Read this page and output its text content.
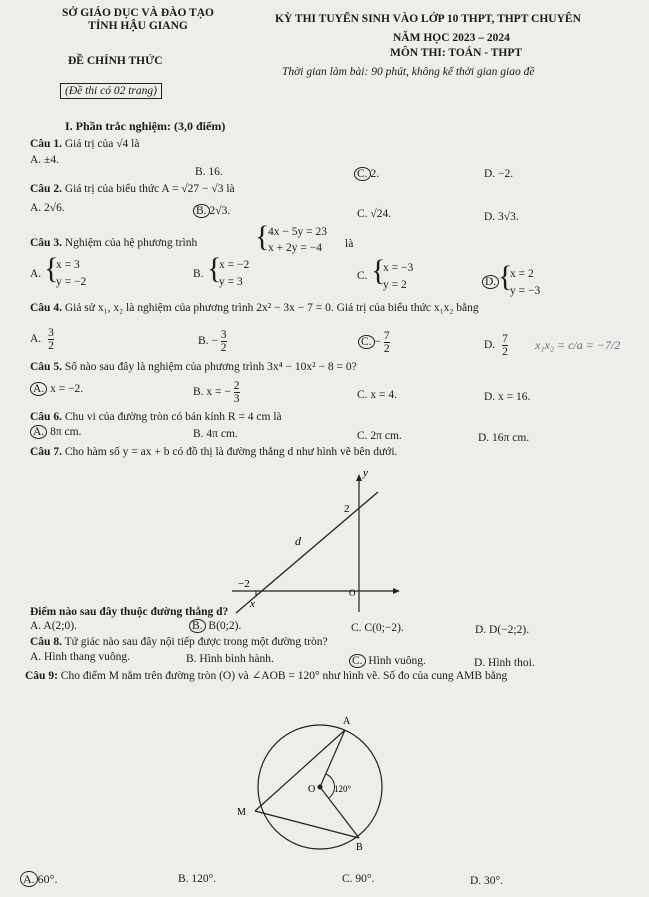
SỞ GIÁO DỤC VÀ ĐÀO TẠO
TỈNH HẬU GIANG
KỲ THI TUYỂN SINH VÀO LỚP 10 THPT, THPT CHUYÊN
NĂM HỌC 2023 – 2024
MÔN THI: TOÁN - THPT
ĐỀ CHÍNH THỨC
Thời gian làm bài: 90 phút, không kể thời gian giao đề
(Đề thi có 02 trang)
I. Phần trắc nghiệm: (3,0 điểm)
Câu 1. Giá trị của √4 là
A. ±4.
B. 16.	C. 2.	D. −2.
Câu 2. Giá trị của biểu thức A = √27 − √3 là
A. 2√6.	B. 2√3.	C. √24.	D. 3√3.
Câu 3. Nghiệm của hệ phương trình {
4x − 5y = 23
x + 2y = −4 là
A. {
x = 3
y = −2
B. {
x = −2
y = 3	C. {
x = −3
y = 2	D. {
x = 2
y = −3
Câu 4. Giả sử x₁, x₂ là nghiệm của phương trình 2x² − 3x − 7 = 0. Giá trị của biểu thức x₁x₂ bằng
A. $\frac{3}{2}$	B. − $\frac{3}{2}$	C. − $\frac{7}{2}$	D. $\frac{7}{2} x_1x_2 = c/a = -7/2$
Câu 5. Số nào sau đây là nghiệm của phương trình 3x⁴ − 10x² − 8 = 0?
A. x = −2.	B. x = − $\frac{2}{3}$	C. x = 4.	D. x = 16.
Câu 6. Chu vi của đường tròn có bán kính R = 4 cm là
A. 8π cm.	B. 4π cm.	C. 2π cm.	D. 16π cm.
Câu 7. Cho hàm số y = ax + b có đồ thị là đường thẳng d như hình vẽ bên dưới.
y
x
d
2
−2
O
Điểm nào sau đây thuộc đường thẳng d?
A. A(2;0).	B. B(0;2).	C. C(0;−2).	D. D(−2;2).
Câu 8. Tứ giác nào sau đây nội tiếp được trong một đường tròn?
A. Hình thang vuông.	B. Hình bình hành.	C. Hình vuông.	D. Hình thoi.
Câu 9: Cho điểm M nằm trên đường tròn (O) và ∠AOB = 120° như hình vẽ. Số đo của cung AMB bằng
A
M
B
O 120°
A. 60°.	B. 120°.	C. 90°.	D. 30°.
